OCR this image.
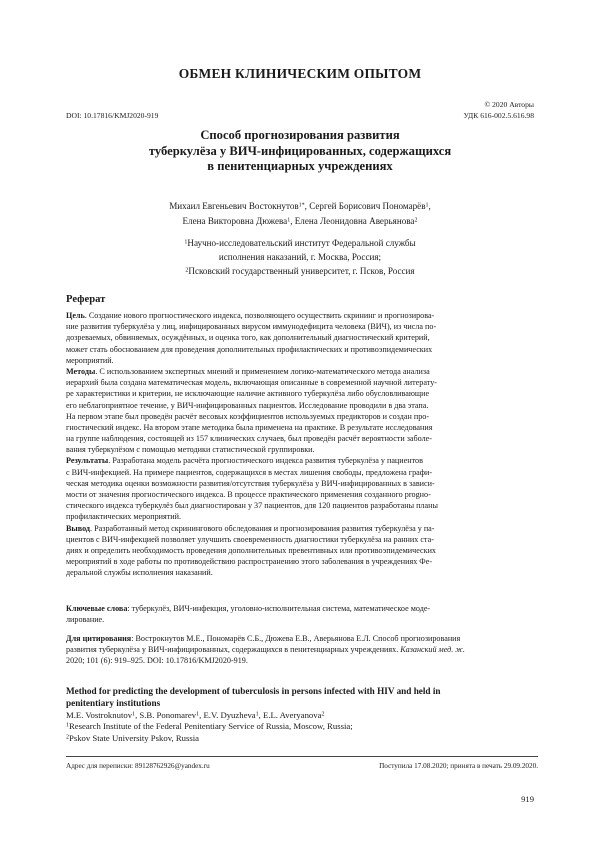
ОБМЕН КЛИНИЧЕСКИМ ОПЫТОМ
© 2020 Авторы
DOI: 10.17816/KMJ2020-919	УДК 616-002.5.616.98
Способ прогнозирования развития
туберкулёза у ВИЧ-инфицированных, содержащихся
в пенитенциарных учреждениях
Михаил Евгеньевич Востокнутов$^{1*}$, Сергей Борисович Пономарёв$^1$,
Елена Викторовна Дюжева$^1$, Елена Леонидовна Аверьянова$^2$
$^1$Научно-исследовательский институт Федеральной службы
исполнения наказаний, г. Москва, Россия;
$^2$Псковский государственный университет, г. Псков, Россия
Реферат
Цель. Создание нового прогностического индекса, позволяющего осуществить скрининг и прогнозирова-
ние развития туберкулёза у лиц, инфицированных вирусом иммунодефицита человека (ВИЧ), из числа по-
дозреваемых, обвиняемых, осуждённых, и оценка того, как дополнительный диагностический критерий,
может стать обоснованием для проведения дополнительных профилактических и противоэпидемических
мероприятий.
Методы. С использованием экспертных мнений и применением логико-математического метода анализа
иерархий была создана математическая модель, включающая описанные в современной научной литерату-
ре характеристики и критерии, не исключающие наличие активного туберкулёза либо обусловливающие
его неблагоприятное течение, у ВИЧ-инфицированных пациентов. Исследование проводили в два этапа.
На первом этапе был проведён расчёт весовых коэффициентов используемых предикторов и создан про-
гностический индекс. На втором этапе методика была применена на практике. В результате исследования
на группе наблюдения, состоящей из 157 клинических случаев, был проведён расчёт вероятности заболе-
вания туберкулёзом с помощью методики статистической группировки.
Результаты. Разработана модель расчёта прогностического индекса развития туберкулёза у пациентов
с ВИЧ-инфекцией. На примере пациентов, содержащихся в местах лишения свободы, предложена графи-
ческая методика оценки возможности развития/отсутствия туберкулёза у ВИЧ-инфицированных в зависи-
мости от значения прогностического индекса. В процессе практического применения созданного progно-
стического индекса туберкулёз был диагностирован у 37 пациентов, для 120 пациентов разработаны планы
профилактических мероприятий.
Вывод. Разработанный метод скринингового обследования и прогнозирования развития туберкулёза у па-
циентов с ВИЧ-инфекцией позволяет улучшить своевременность диагностики туберкулёза на ранних ста-
диях и определить необходимость проведения дополнительных превентивных или противоэпидемических
мероприятий в ходе работы по противодействию распространению этого заболевания в учреждениях Фе-
деральной службы исполнения наказаний.
Ключевые слова: туберкулёз, ВИЧ-инфекция, уголовно-исполнительная система, математическое моде-
лирование.
Для цитирования: Вострокнутов М.Е., Пономарёв С.Б., Дюжева Е.В., Аверьянова Е.Л. Способ прогнозирования
развития туберкулёза у ВИЧ-инфицированных, содержащихся в пенитенциарных учреждениях. Казанский мед. ж.
2020; 101 (6): 919–925. DOI: 10.17816/KMJ2020-919.
Method for predicting the development of tuberculosis in persons infected with HIV and held in
penitentiary institutions
M.E. Vostroknutov$^1$, S.B. Ponomarev$^1$, E.V. Dyuzheva$^1$, E.L. Averyanova$^2$
$^1$Research Institute of the Federal Penitentiary Service of Russia, Moscow, Russia;
$^2$Pskov State University Pskov, Russia
Адрес для переписки: 89128762926@yandex.ru	Поступила 17.08.2020; принята в печать 29.09.2020.
919
